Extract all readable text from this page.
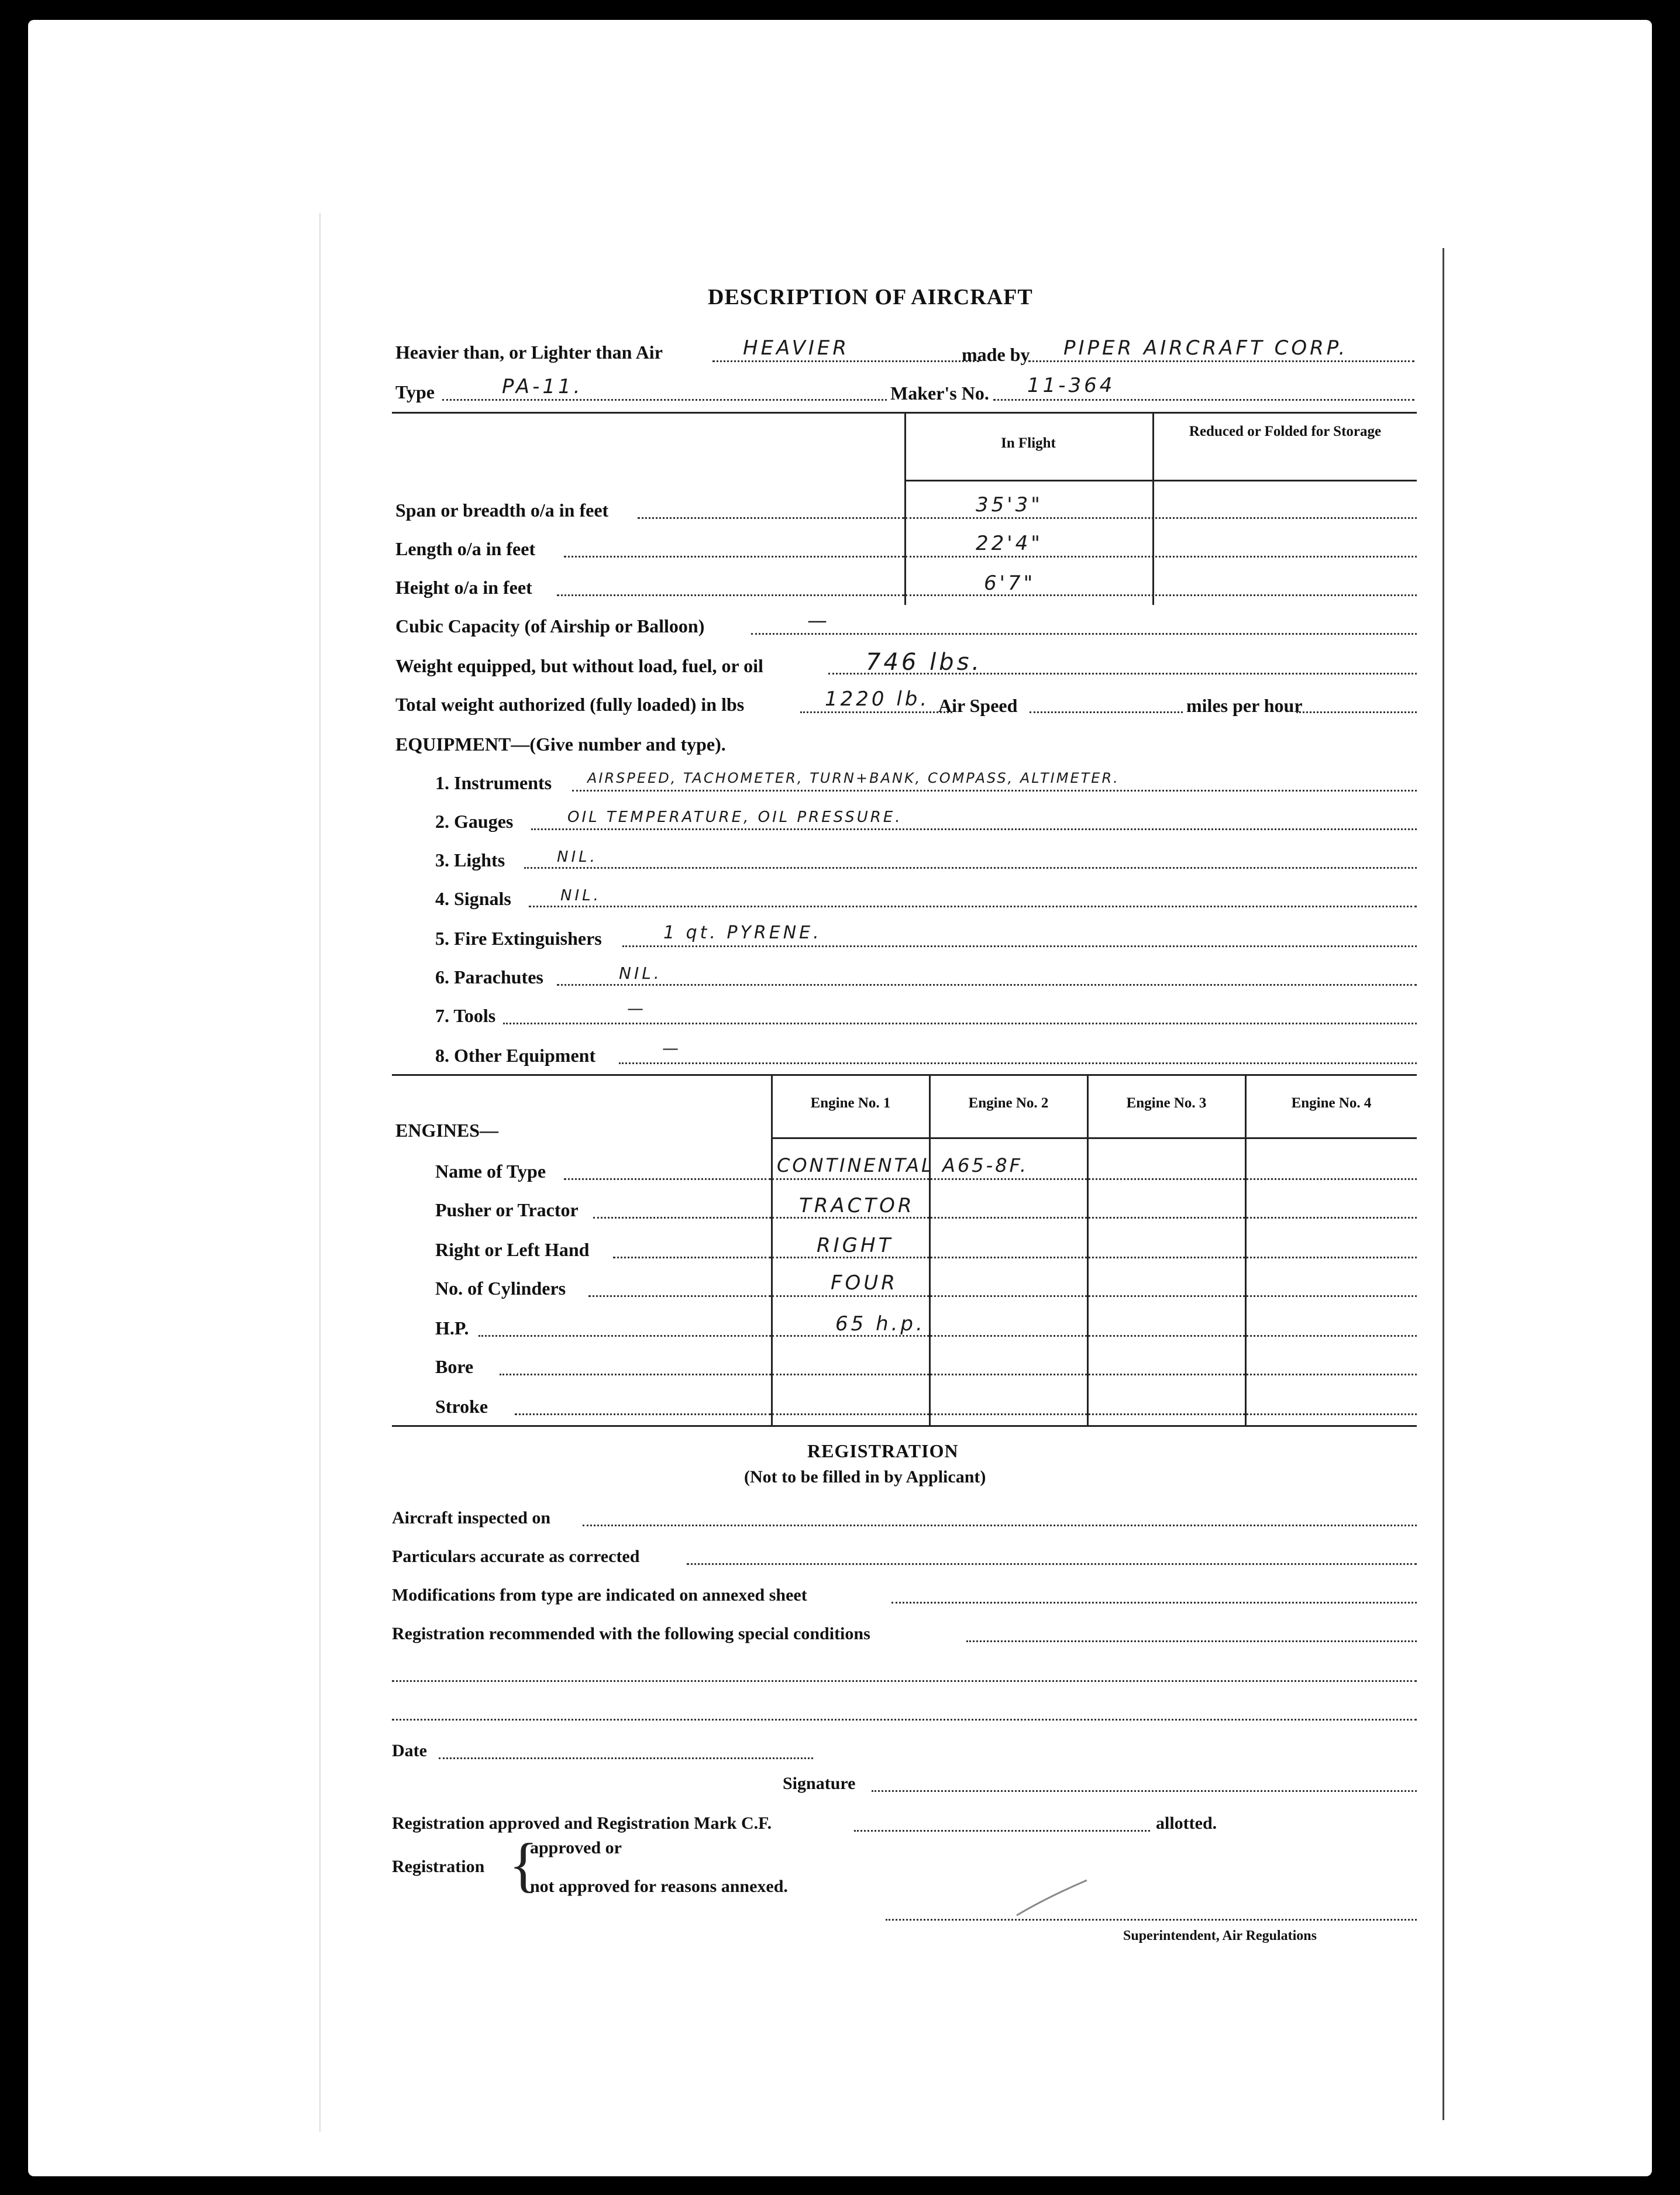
DESCRIPTION OF AIRCRAFT
Heavier than, or Lighter than Air	HEAVIER	made by PIPER AIRCRAFT CORP.
Type	PA-11.	Maker's No. 11-364
In Flight
Reduced or Folded for Storage
Span or breadth o/a in feet	35'3"
Length o/a in feet	22'4"
Height o/a in feet	6'7"
Cubic Capacity (of Airship or Balloon)	—
Weight equipped, but without load, fuel, or oil	746 lbs.
Total weight authorized (fully loaded) in lbs	1220 lb. Air Speed	miles per hour
EQUIPMENT—(Give number and type).
1. Instruments	AIRSPEED, TACHOMETER, TURN+BANK, COMPASS, ALTIMETER.
2. Gauges	OIL TEMPERATURE, OIL PRESSURE.
3. Lights	NIL.
4. Signals	NIL.
5. Fire Extinguishers	1 qt. PYRENE.
6. Parachutes	NIL.
7. Tools	—
8. Other Equipment	—
Engine No. 1	Engine No. 2	Engine No. 3	Engine No. 4
ENGINES—
Name of Type	CONTINENTAL A65-8F.
Pusher or Tractor	TRACTOR
Right or Left Hand	RIGHT
No. of Cylinders	FOUR
H.P.	65 h.p.
Bore
Stroke
REGISTRATION
(Not to be filled in by Applicant)
Aircraft inspected on
Particulars accurate as corrected
Modifications from type are indicated on annexed sheet
Registration recommended with the following special conditions
Date
Signature
Registration approved and Registration Mark C.F.	allotted.
Registration {
approved or
not approved for reasons annexed.
Superintendent, Air Regulations
